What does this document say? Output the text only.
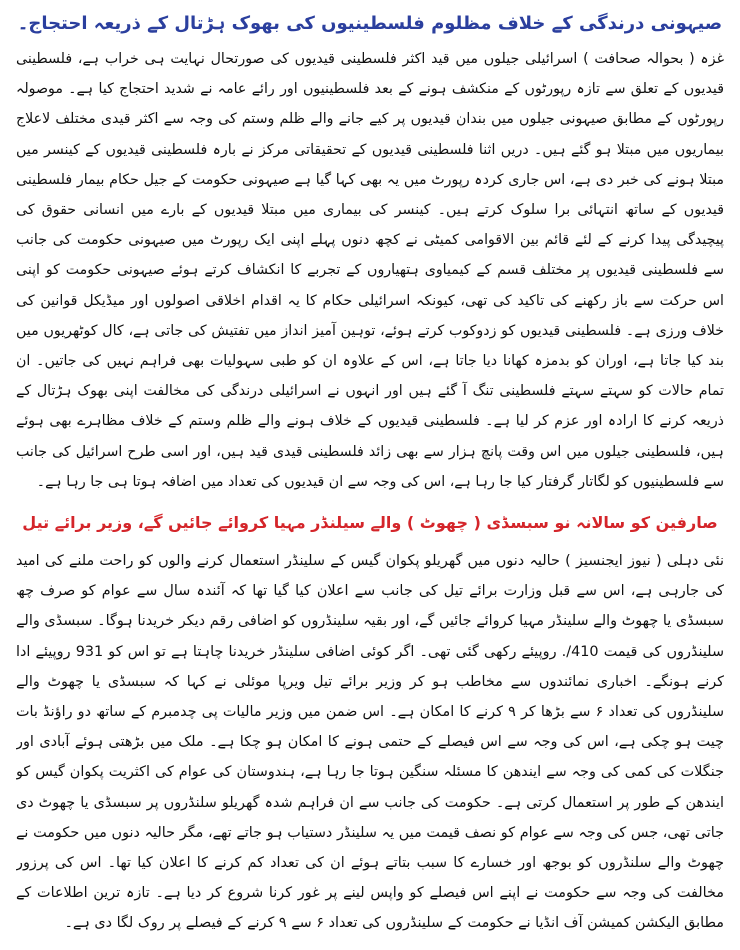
صیہونی درندگی کے خلاف مظلوم فلسطینیوں کی بھوک ہڑتال کے ذریعہ احتجاج۔

غزہ ( بحوالہ صحافت ) اسرائیلی جیلوں میں قید اکثر فلسطینی قیدیوں کی صورتحال نہایت ہی خراب ہے، فلسطینی قیدیوں کے تعلق سے تازہ رپورٹوں کے منکشف ہونے کے بعد فلسطینیوں اور رائے عامہ نے شدید احتجاج کیا ہے۔ موصولہ رپورٹوں کے مطابق صیہونی جیلوں میں بندان قیدیوں پر کیے جانے والے ظلم وستم کی وجہ سے اکثر قیدی مختلف لاعلاج بیماریوں میں مبتلا ہو گئے ہیں۔ دریں اثنا فلسطینی قیدیوں کے تحقیقاتی مرکز نے بارہ فلسطینی قیدیوں کے کینسر میں مبتلا ہونے کی خبر دی ہے، اس جاری کردہ رپورٹ میں یہ بھی کہا گیا ہے صیہونی حکومت کے جیل حکام بیمار فلسطینی قیدیوں کے ساتھ انتہائی برا سلوک کرتے ہیں۔ کینسر کی بیماری میں مبتلا قیدیوں کے بارے میں انسانی حقوق کی پیچیدگی پیدا کرنے کے لئے قائم بین الاقوامی کمیٹی نے کچھ دنوں پہلے اپنی ایک رپورٹ میں صیہونی حکومت کی جانب سے فلسطینی قیدیوں پر مختلف قسم کے کیمیاوی ہتھیاروں کے تجربے کا انکشاف کرتے ہوئے صیہونی حکومت کو اپنی اس حرکت سے باز رکھنے کی تاکید کی تھی، کیونکہ اسرائیلی حکام کا یہ اقدام اخلاقی اصولوں اور میڈیکل قوانین کی خلاف ورزی ہے۔ فلسطینی قیدیوں کو زدوکوب کرتے ہوئے، توہین آمیز انداز میں تفتیش کی جاتی ہے، کال کوٹھریوں میں بند کیا جاتا ہے، اوران کو بدمزہ کھانا دیا جاتا ہے، اس کے علاوہ ان کو طبی سہولیات بھی فراہم نہیں کی جاتیں۔ ان تمام حالات کو سہتے سہتے فلسطینی تنگ آ گئے ہیں اور انہوں نے اسرائیلی درندگی کی مخالفت اپنی بھوک ہڑتال کے ذریعہ کرنے کا ارادہ اور عزم کر لیا ہے۔ فلسطینی قیدیوں کے خلاف ہونے والے ظلم وستم کے خلاف مظاہرے بھی ہوئے ہیں، فلسطینی جیلوں میں اس وقت پانچ ہزار سے بھی زائد فلسطینی قیدی قید ہیں، اور اسی طرح اسرائیل کی جانب سے فلسطینیوں کو لگاتار گرفتار کیا جا رہا ہے، اس کی وجہ سے ان قیدیوں کی تعداد میں اضافہ ہوتا ہی جا رہا ہے۔

صارفین کو سالانہ نو سبسڈی ( چھوٹ ) والے سیلنڈر مہیا کروائے جائیں گے، وزیر برائے تیل

نئی دہلی ( نیوز ایجنسیز ) حالیہ دنوں میں گھریلو پکوان گیس کے سلینڈر استعمال کرنے والوں کو راحت ملنے کی امید کی جارہی ہے، اس سے قبل وزارت برائے تیل کی جانب سے اعلان کیا گیا تھا کہ آئندہ سال سے عوام کو صرف چھ سبسڈی یا چھوٹ والے سلینڈر مہیا کروائے جائیں گے، اور بقیہ سلینڈروں کو اضافی رقم دیکر خریدنا ہوگا۔ سبسڈی والے سلینڈروں کی قیمت 410/. روپیئے رکھی گئی تھی۔ اگر کوئی اضافی سلینڈر خریدنا چاہتا ہے تو اس کو 931 روپیئے ادا کرنے ہونگے۔ اخباری نمائندوں سے مخاطب ہو کر وزیر برائے تیل ویرپا موئلی نے کہا کہ سبسڈی یا چھوٹ والے سلینڈروں کی تعداد ۶ سے بڑھا کر ۹ کرنے کا امکان ہے۔ اس ضمن میں وزیر مالیات پی چدمبرم کے ساتھ دو راؤنڈ بات چیت ہو چکی ہے، اس کی وجہ سے اس فیصلے کے حتمی ہونے کا امکان ہو چکا ہے۔ ملک میں بڑھتی ہوئے آبادی اور جنگلات کی کمی کی وجہ سے ایندھن کا مسئلہ سنگین ہوتا جا رہا ہے، ہندوستان کی عوام کی اکثریت پکوان گیس کو ایندھن کے طور پر استعمال کرتی ہے۔ حکومت کی جانب سے ان فراہم شدہ گھریلو سلنڈروں پر سبسڈی یا چھوٹ دی جاتی تھی، جس کی وجہ سے عوام کو نصف قیمت میں یہ سلینڈر دستیاب ہو جاتے تھے، مگر حالیہ دنوں میں حکومت نے چھوٹ والے سلنڈروں کو بوجھ اور خسارے کا سبب بتاتے ہوئے ان کی تعداد کم کرنے کا اعلان کیا تھا۔ اس کی پرزور مخالفت کی وجہ سے حکومت نے اپنے اس فیصلے کو واپس لینے پر غور کرنا شروع کر دیا ہے۔ تازہ ترین اطلاعات کے مطابق الیکشن کمیشن آف انڈیا نے حکومت کے سلینڈروں کی تعداد ۶ سے ۹ کرنے کے فیصلے پر روک لگا دی ہے۔
